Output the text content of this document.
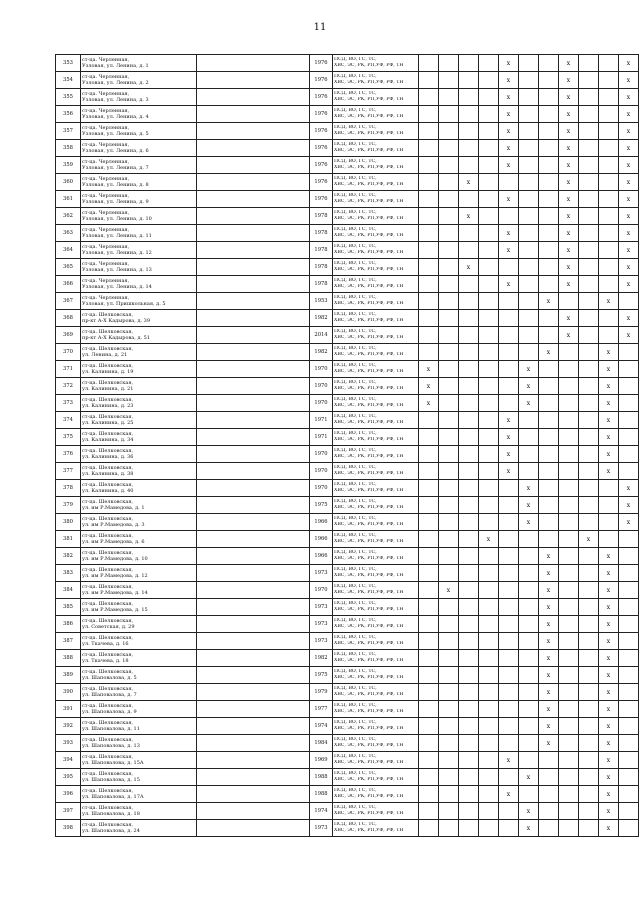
11
353	ст-ца. Черленная,
Узловая, ул. Ленина, д. 1		1976	ПСД, ВО, ГС, ТС,
ХВС, ЭС, РК, РП,УФ, РФ, ТН					x			x			x
354	ст-ца. Черленная,
Узловая, ул. Ленина, д. 2		1976	ПСД, ВО, ГС, ТС,
ХВС, ЭС, РК, РП,УФ, РФ, ТН					x			x			x
355	ст-ца. Черленная,
Узловая, ул. Ленина, д. 3		1976	ПСД, ВО, ГС, ТС,
ХВС, ЭС, РК, РП,УФ, РФ, ТН					x			x			x
356	ст-ца. Черленная,
Узловая, ул. Ленина, д. 4		1976	ПСД, ВО, ГС, ТС,
ХВС, ЭС, РК, РП,УФ, РФ, ТН					x			x			x
357	ст-ца. Черленная,
Узловая, ул. Ленина, д. 5		1976	ПСД, ВО, ГС, ТС,
ХВС, ЭС, РК, РП,УФ, РФ, ТН					x			x			x
358	ст-ца. Черленная,
Узловая, ул. Ленина, д. 6		1976	ПСД, ВО, ГС, ТС,
ХВС, ЭС, РК, РП,УФ, РФ, ТН					x			x			x
359	ст-ца. Черленная,
Узловая, ул. Ленина, д. 7		1976	ПСД, ВО, ГС, ТС,
ХВС, ЭС, РК, РП,УФ, РФ, ТН					x			x			x
360	ст-ца. Черленная,
Узловая, ул. Ленина, д. 8		1976	ПСД, ВО, ГС, ТС,
ХВС, ЭС, РК, РП,УФ, РФ, ТН			x					x			x
361	ст-ца. Черленная,
Узловая, ул. Ленина, д. 9		1976	ПСД, ВО, ГС, ТС,
ХВС, ЭС, РК, РП,УФ, РФ, ТН					x			x			x
362	ст-ца. Черленная,
Узловая, ул. Ленина, д. 10		1978	ПСД, ВО, ГС, ТС,
ХВС, ЭС, РК, РП,УФ, РФ, ТН			x					x			x
363	ст-ца. Черленная,
Узловая, ул. Ленина, д. 11		1978	ПСД, ВО, ГС, ТС,
ХВС, ЭС, РК, РП,УФ, РФ, ТН					x			x			x
364	ст-ца. Черленная,
Узловая, ул. Ленина, д. 12		1978	ПСД, ВО, ГС, ТС,
ХВС, ЭС, РК, РП,УФ, РФ, ТН					x			x			x
365	ст-ца. Черленная,
Узловая, ул. Ленина, д. 13		1978	ПСД, ВО, ГС, ТС,
ХВС, ЭС, РК, РП,УФ, РФ, ТН			x					x			x
366	ст-ца. Черленная,
Узловая, ул. Ленина, д. 14		1978	ПСД, ВО, ГС, ТС,
ХВС, ЭС, РК, РП,УФ, РФ, ТН					x			x			x
367	ст-ца. Черленная,
Узловая, ул. Пришкольная, д. 5		1953	ПСД, ВО, ГС, ТС,
ХВС, ЭС, РК, РП,УФ, РФ, ТН							x			x	
368	ст-ца. Шелковская,
пр-кт А-Х Кадырова, д. 39		1982	ПСД, ВО, ГС, ТС,
ХВС, ЭС, РК, РП,УФ, РФ, ТН								x			x
369	ст-ца. Шелковская,
пр-кт А-Х Кадырова, д. 51		2014	ПСД, ВО, ГС, ТС,
ХВС, ЭС, РК, РП,УФ, РФ, ТН								x			x
370	ст-ца. Шелковская,
ул. Ленина, д. 21		1982	ПСД, ВО, ГС, ТС,
ХВС, ЭС, РК, РП,УФ, РФ, ТН							x			x	
371	ст-ца. Шелковская,
ул. Калинина, д. 19		1970	ПСД, ВО, ГС, ТС,
ХВС, ЭС, РК, РП,УФ, РФ, ТН	x					x				x	
372	ст-ца. Шелковская,
ул. Калинина, д. 21		1970	ПСД, ВО, ГС, ТС,
ХВС, ЭС, РК, РП,УФ, РФ, ТН	x					x				x	
373	ст-ца. Шелковская,
ул. Калинина, д. 23		1970	ПСД, ВО, ГС, ТС,
ХВС, ЭС, РК, РП,УФ, РФ, ТН	x					x				x	
374	ст-ца. Шелковская,
ул. Калинина, д. 25		1971	ПСД, ВО, ГС, ТС,
ХВС, ЭС, РК, РП,УФ, РФ, ТН					x					x	
375	ст-ца. Шелковская,
ул. Калинина, д. 34		1971	ПСД, ВО, ГС, ТС,
ХВС, ЭС, РК, РП,УФ, РФ, ТН					x					x	
376	ст-ца. Шелковская,
ул. Калинина, д. 36		1970	ПСД, ВО, ГС, ТС,
ХВС, ЭС, РК, РП,УФ, РФ, ТН					x					x	
377	ст-ца. Шелковская,
ул. Калинина, д. 38		1970	ПСД, ВО, ГС, ТС,
ХВС, ЭС, РК, РП,УФ, РФ, ТН					x					x	
378	ст-ца. Шелковская,
ул. Калинина, д. 40		1970	ПСД, ВО, ГС, ТС,
ХВС, ЭС, РК, РП,УФ, РФ, ТН						x					x
379	ст-ца. Шелковская,
ул. им Р.Мамедова, д. 1		1975	ПСД, ВО, ГС, ТС,
ХВС, ЭС, РК, РП,УФ, РФ, ТН						x					x
380	ст-ца. Шелковская,
ул. им Р.Мамедова, д. 3		1966	ПСД, ВО, ГС, ТС,
ХВС, ЭС, РК, РП,УФ, РФ, ТН						x					x
381	ст-ца. Шелковская,
ул. им Р.Мамедова, д. 6		1966	ПСД, ВО, ГС, ТС,
ХВС, ЭС, РК, РП,УФ, РФ, ТН				x					x		
382	ст-ца. Шелковская,
ул. им Р.Мамедова, д. 10		1966	ПСД, ВО, ГС, ТС,
ХВС, ЭС, РК, РП,УФ, РФ, ТН							x			x	
383	ст-ца. Шелковская,
ул. им Р.Мамедова, д. 12		1973	ПСД, ВО, ГС, ТС,
ХВС, ЭС, РК, РП,УФ, РФ, ТН							x			x	
384	ст-ца. Шелковская,
ул. им Р.Мамедова, д. 14		1970	ПСД, ВО, ГС, ТС,
ХВС, ЭС, РК, РП,УФ, РФ, ТН		x					x			x	
385	ст-ца. Шелковская,
ул. им Р.Мамедова, д. 15		1973	ПСД, ВО, ГС, ТС,
ХВС, ЭС, РК, РП,УФ, РФ, ТН							x			x	
386	ст-ца. Шелковская,
ул. Советская, д. 29		1973	ПСД, ВО, ГС, ТС,
ХВС, ЭС, РК, РП,УФ, РФ, ТН							x			x	
387	ст-ца. Шелковская,
ул. Ткачева, д. 16		1973	ПСД, ВО, ГС, ТС,
ХВС, ЭС, РК, РП,УФ, РФ, ТН							x			x	
388	ст-ца. Шелковская,
ул. Ткачева, д. 18		1982	ПСД, ВО, ГС, ТС,
ХВС, ЭС, РК, РП,УФ, РФ, ТН							x			x	
389	ст-ца. Шелковская,
ул. Шаповалова, д. 5		1975	ПСД, ВО, ГС, ТС,
ХВС, ЭС, РК, РП,УФ, РФ, ТН							x			x	
390	ст-ца. Шелковская,
ул. Шаповалова, д. 7		1979	ПСД, ВО, ГС, ТС,
ХВС, ЭС, РК, РП,УФ, РФ, ТН							x			x	
391	ст-ца. Шелковская,
ул. Шаповалова, д. 9		1977	ПСД, ВО, ГС, ТС,
ХВС, ЭС, РК, РП,УФ, РФ, ТН							x			x	
392	ст-ца. Шелковская,
ул. Шаповалова, д. 11		1974	ПСД, ВО, ГС, ТС,
ХВС, ЭС, РК, РП,УФ, РФ, ТН							x			x	
393	ст-ца. Шелковская,
ул. Шаповалова, д. 13		1984	ПСД, ВО, ГС, ТС,
ХВС, ЭС, РК, РП,УФ, РФ, ТН							x			x	
394	ст-ца. Шелковская,
ул. Шаповалова, д. 15А		1969	ПСД, ВО, ГС, ТС,
ХВС, ЭС, РК, РП,УФ, РФ, ТН					x					x	
395	ст-ца. Шелковская,
ул. Шаповалова, д. 15		1988	ПСД, ВО, ГС, ТС,
ХВС, ЭС, РК, РП,УФ, РФ, ТН						x				x	
396	ст-ца. Шелковская,
ул. Шаповалова, д. 17А		1988	ПСД, ВО, ГС, ТС,
ХВС, ЭС, РК, РП,УФ, РФ, ТН					x					x	
397	ст-ца. Шелковская,
ул. Шаповалова, д. 18		1974	ПСД, ВО, ГС, ТС,
ХВС, ЭС, РК, РП,УФ, РФ, ТН						x				x	
398	ст-ца. Шелковская,
ул. Шаповалова, д. 24		1973	ПСД, ВО, ГС, ТС,
ХВС, ЭС, РК, РП,УФ, РФ, ТН						x				x	
